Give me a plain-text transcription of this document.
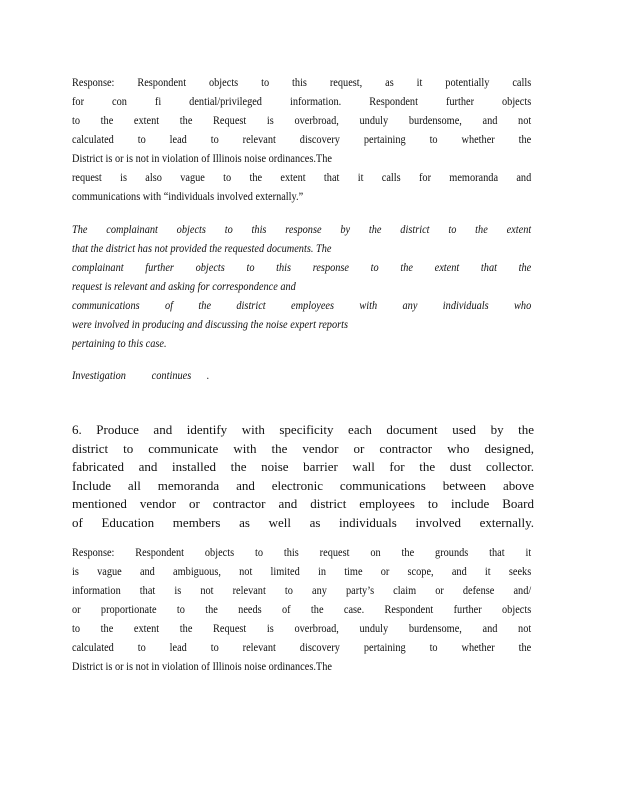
Response: Respondent objects to this request, as it potentially calls
for con fi dential/privileged information. Respondent further objects
to the extent the Request is overbroad, unduly burdensome, and not
calculated to lead to relevant discovery pertaining to whether the
District is or is not in violation of Illinois noise ordinances.The
request is also vague to the extent that it calls for memoranda and
communications with “individuals involved externally.”
The complainant objects to this response by the district to the extent
that the district has not provided the requested documents. The
complainant further objects to this response to the extent that the
request is relevant and asking for correspondence and
communications of the district employees with any individuals who
were involved in producing and discussing the noise expert reports
pertaining to this case.
Investigation          continues      .
6. Produce and identify with specificity each document used by the
district to communicate with the vendor or contractor who designed,
fabricated and installed the noise barrier wall for the dust collector.
Include all memoranda and electronic communications between above
mentioned vendor or contractor and district employees to include Board
of Education members as well as individuals involved externally.
Response: Respondent objects to this request on the grounds that it
is vague and ambiguous, not limited in time or scope, and it seeks
information that is not relevant to any party’s claim or defense and/
or proportionate to the needs of the case. Respondent further objects
to the extent the Request is overbroad, unduly burdensome, and not
calculated to lead to relevant discovery pertaining to whether the
District is or is not in violation of Illinois noise ordinances.The
